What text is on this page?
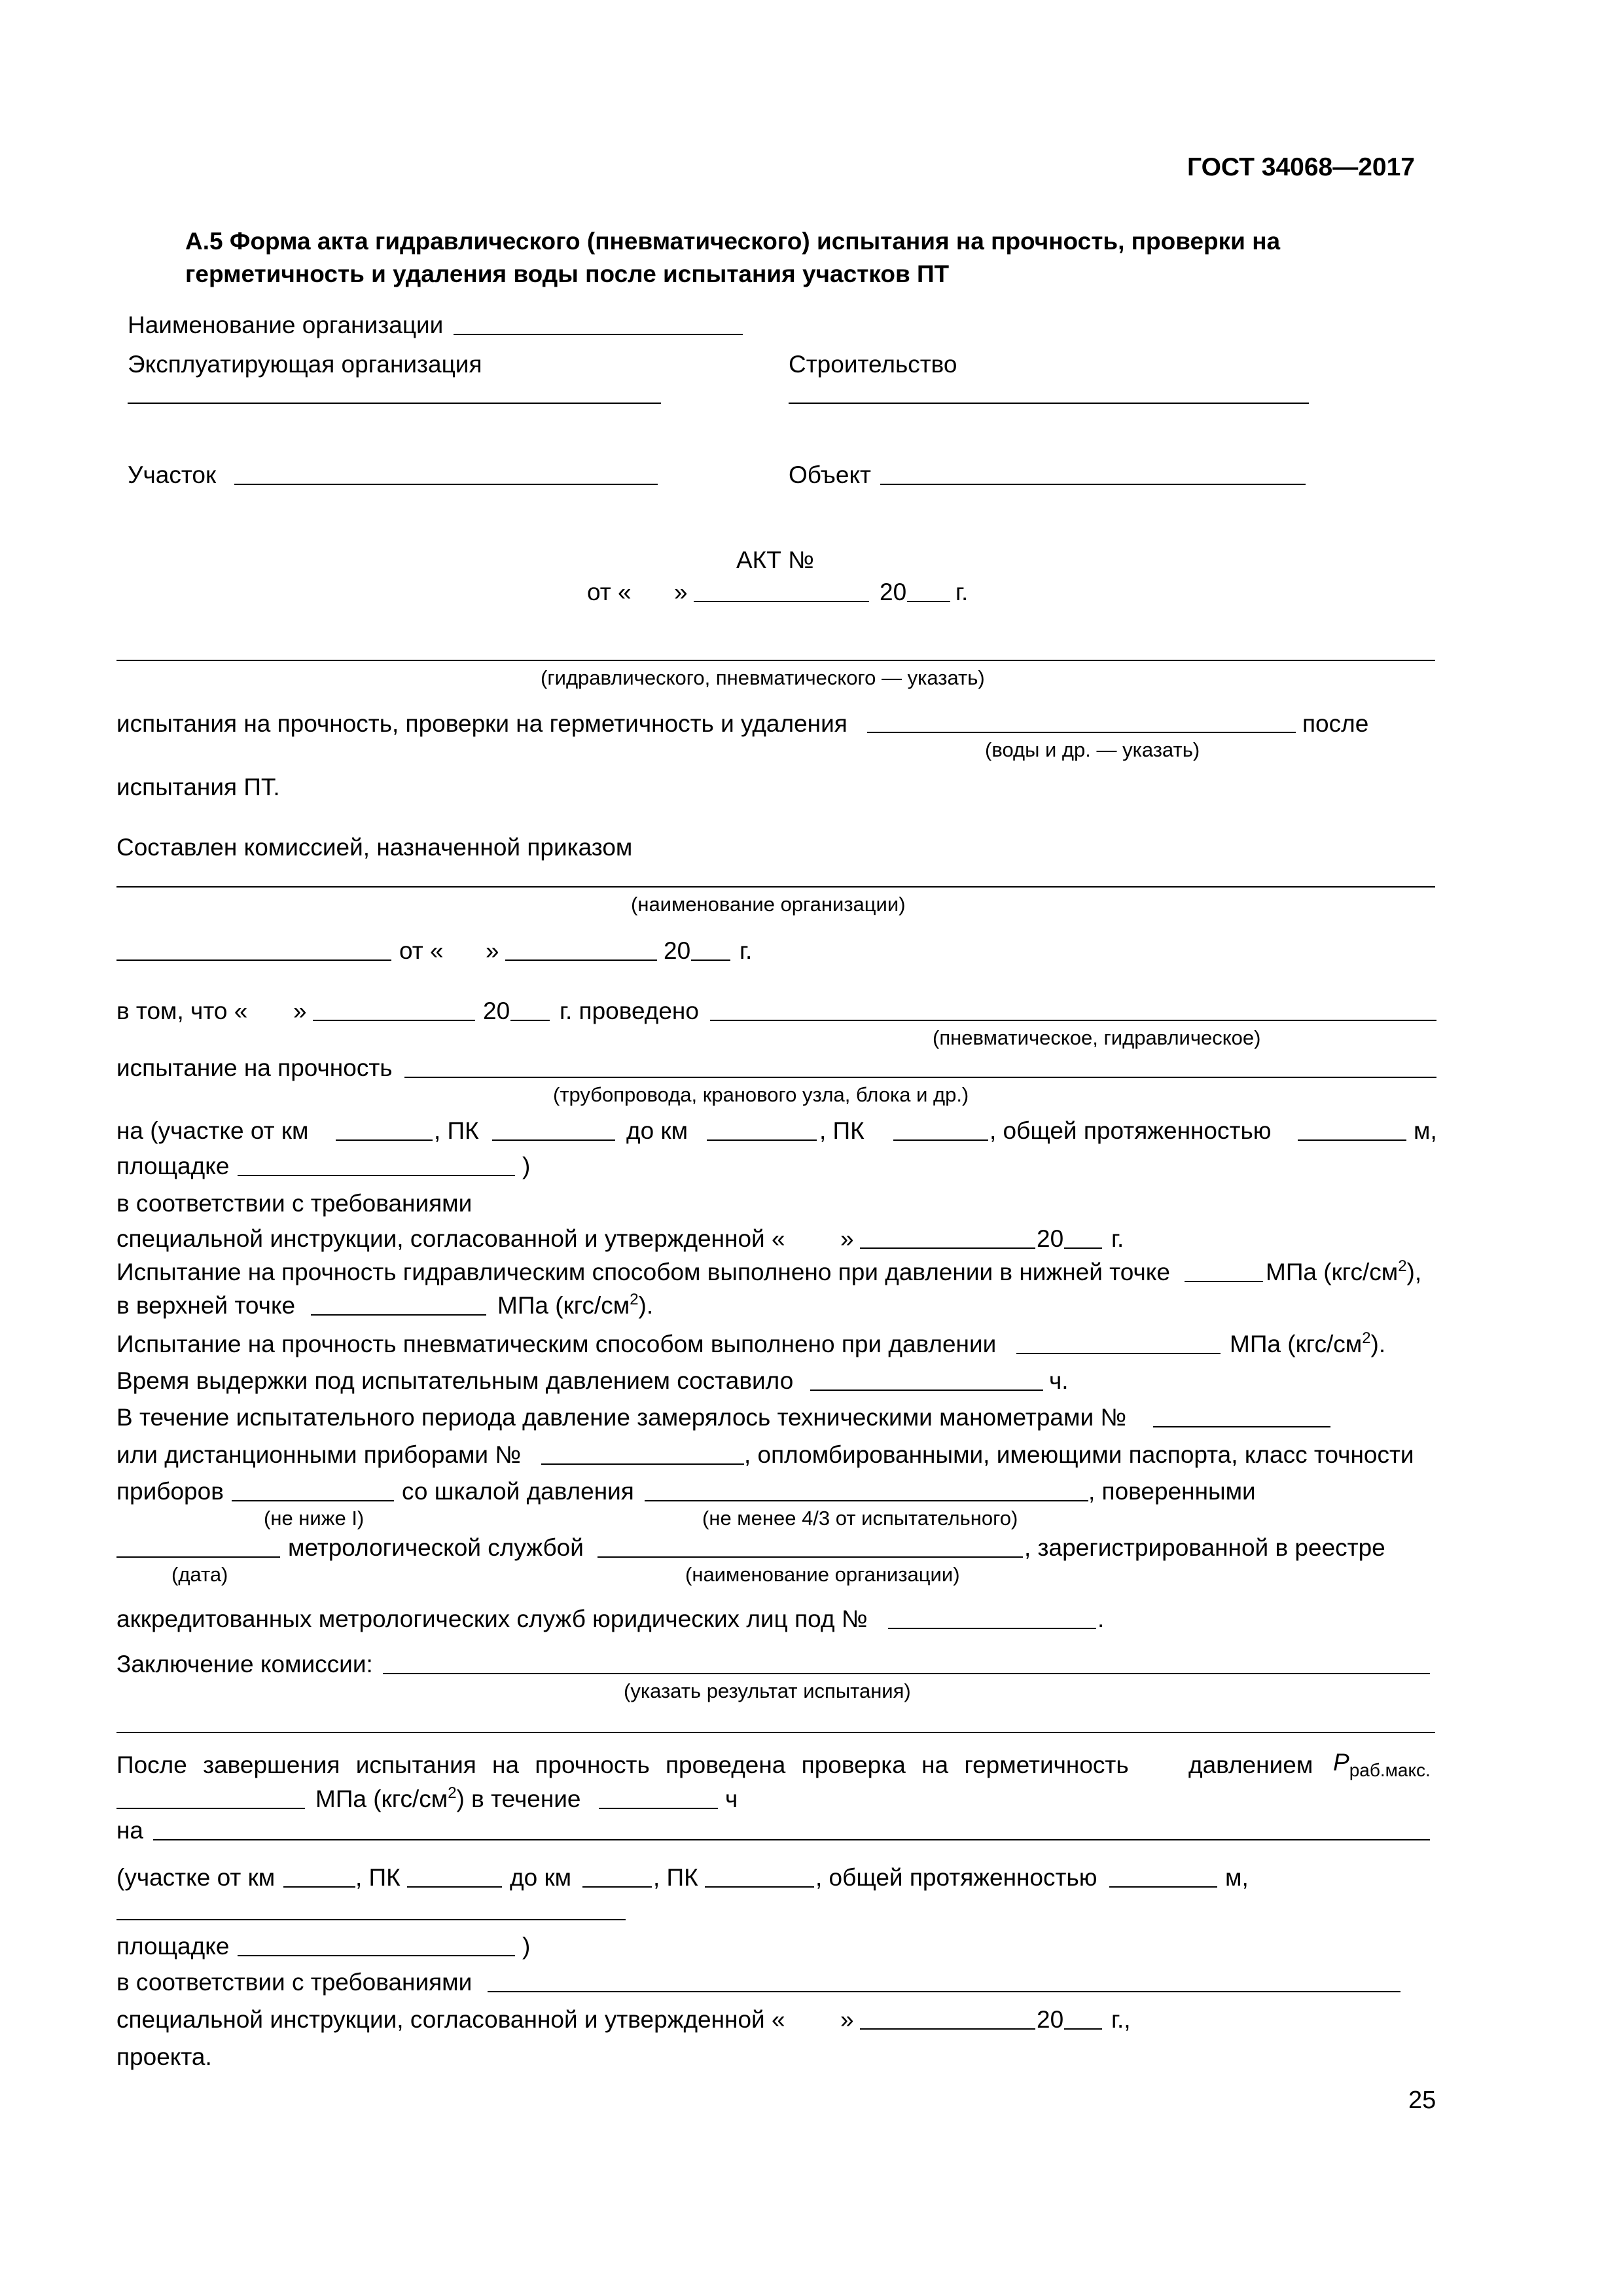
ГОСТ 34068—2017
А.5 Форма акта гидравлического (пневматического) испытания на прочность, проверки на
герметичность и удаления воды после испытания участков ПТ
Наименование организации
Эксплуатирующая организация	Строительство
Участок	Объект
АКТ №
от « »	20 г.
(гидравлического, пневматического — указать)
испытания на прочность, проверки на герметичность и удаления	после
(воды и др. — указать)
испытания ПТ.
Составлен комиссией, назначенной приказом
(наименование организации)
от « »	20 г.
в том, что « »	20 г. проведено
(пневматическое, гидравлическое)
испытание на прочность
(трубопровода, кранового узла, блока и др.)
на (участке от км	, ПК	до км	, ПК	, общей протяженностью	м,
площадке	)
в соответствии с требованиями
специальной инструкции, согласованной и утвержденной « »	20 г.
Испытание на прочность гидравлическим способом выполнено при давлении в нижней точке	МПа $(кгс/см^2)$,
в верхней точке	МПа $(кгс/см^2)$.
Испытание на прочность пневматическим способом выполнено при давлении	МПа $(кгс/см^2)$.
Время выдержки под испытательным давлением составило	ч.
В течение испытательного периода давление замерялось техническими манометрами №
или дистанционными приборами №	, опломбированными, имеющими паспорта, класс точности
приборов	со шкалой давления	, поверенными
(не ниже I)	(не менее 4/3 от испытательного)
метрологической службой	, зарегистрированной в реестре
(дата)	(наименование организации)
аккредитованных метрологических служб юридических лиц под №	.
Заключение комиссии:
(указать результат испытания)
После завершения испытания на прочность проведена проверка на герметичность давлением $P_{раб.макс.}$
МПа $(кгс/см^2)$ в течение	ч
на
(участке от км	, ПК	до км	, ПК	, общей протяженностью	м,
площадке	)
в соответствии с требованиями
специальной инструкции, согласованной и утвержденной « »	20 г.,
проекта.
25
